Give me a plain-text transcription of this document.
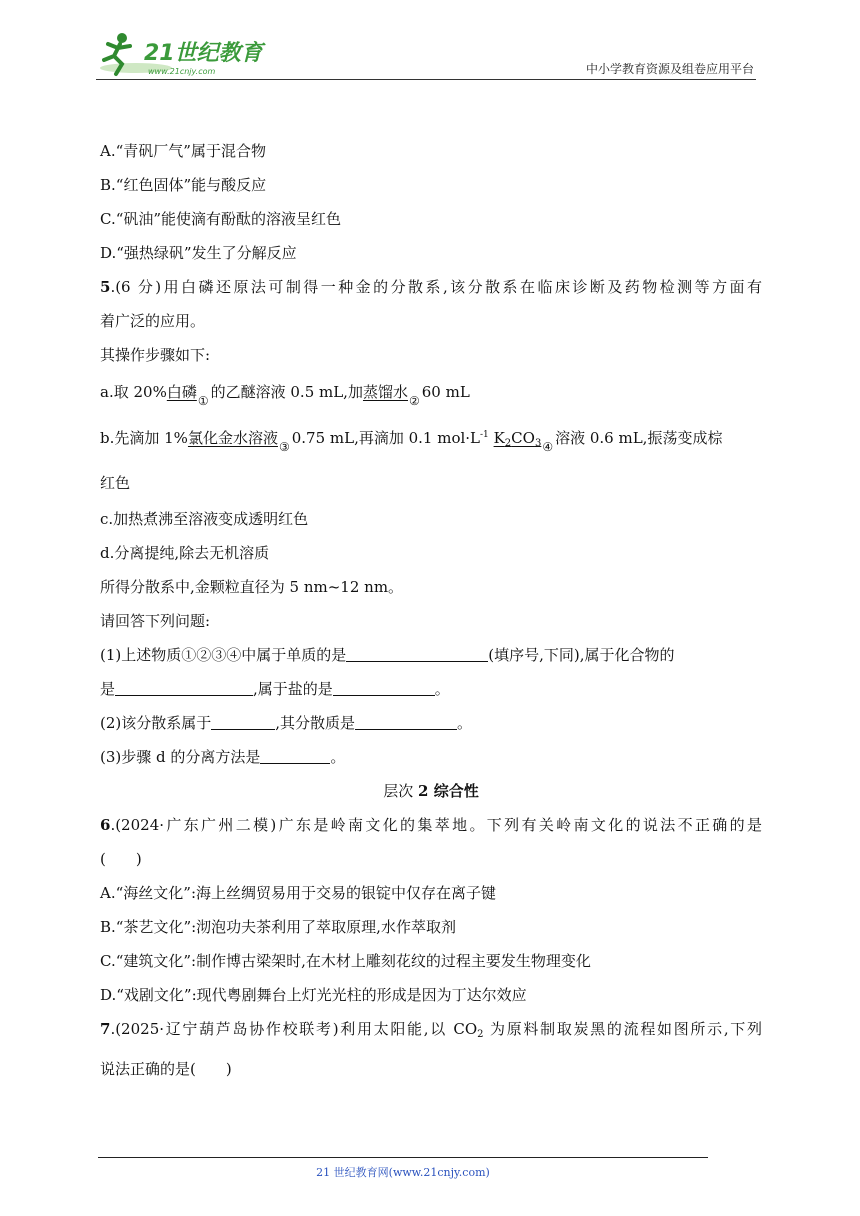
21世纪教育
www.21cnjy.com	中小学教育资源及组卷应用平台
A.“青矾厂气”属于混合物
B.“红色固体”能与酸反应
C.“矾油”能使滴有酚酞的溶液呈红色
D.“强热绿矾”发生了分解反应
5.(6 分)用白磷还原法可制得一种金的分散系,该分散系在临床诊断及药物检测等方面有
着广泛的应用。
其操作步骤如下:
a.取 20%白磷$_①$ 的乙醚溶液 0.5 mL,加蒸馏水$_②$ 60 mL
b.先滴加 1%氯化金水溶液$_③$ 0.75 mL,再滴加 0.1 $mol\cdot L^{-1}$ $K_2CO_{3④}$ 溶液 0.6 mL,振荡变成棕
红色
c.加热煮沸至溶液变成透明红色
d.分离提纯,除去无机溶质
所得分散系中,金颗粒直径为 5 nm~12 nm。
请回答下列问题:
(1)上述物质①②③④中属于单质的是	(填序号,下同),属于化合物的
是	,属于盐的是	。
(2)该分散系属于	,其分散质是	。
(3)步骤 d 的分离方法是	。
层次 2 综合性
6.(2024·广东广州二模)广东是岭南文化的集萃地。下列有关岭南文化的说法不正确的是
(　　)
A.“海丝文化”:海上丝绸贸易用于交易的银锭中仅存在离子键
B.“茶艺文化”:沏泡功夫茶利用了萃取原理,水作萃取剂
C.“建筑文化”:制作博古梁架时,在木材上雕刻花纹的过程主要发生物理变化
D.“戏剧文化”:现代粤剧舞台上灯光光柱的形成是因为丁达尔效应
7.(2025·辽宁葫芦岛协作校联考)利用太阳能,以 $CO_2$ 为原料制取炭黑的流程如图所示,下列
说法正确的是(　　)
21 世纪教育网(www.21cnjy.com)
